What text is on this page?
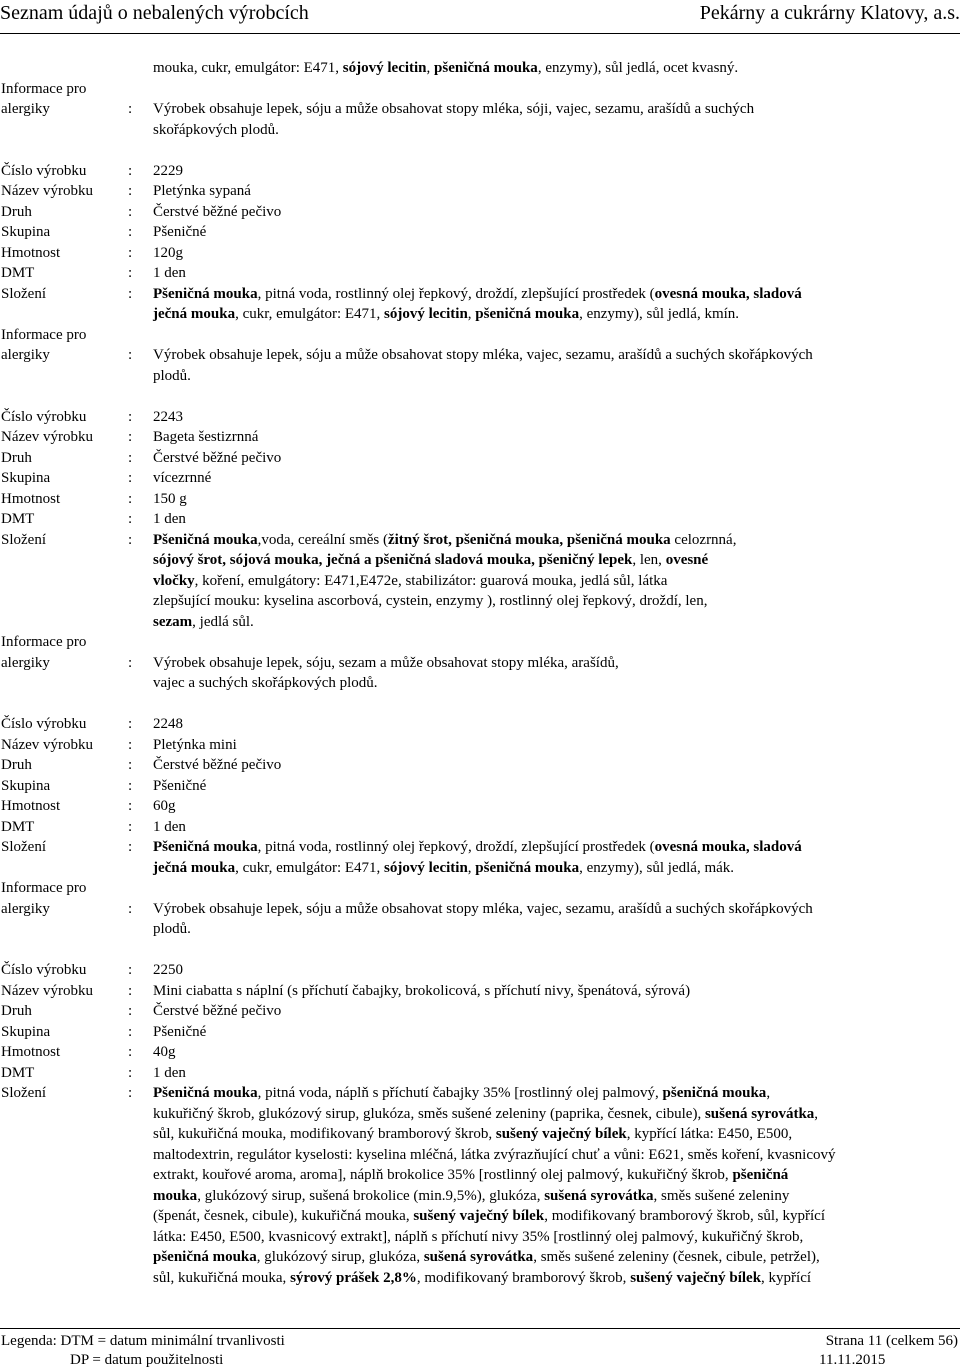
Seznam údajů o nebalených výrobcích	Pekárny a cukrárny Klatovy, a.s.
mouka, cukr, emulgátor: E471, sójový lecitin, pšeničná mouka, enzymy), sůl jedlá, ocet kvasný.
Informace pro
alergiky	: Výrobek obsahuje lepek, sóju a může obsahovat stopy mléka, sóji, vajec, sezamu, arašídů a suchých
skořápkových plodů.
Číslo výrobku	: 2229
Název výrobku : Pletýnka sypaná
Druh	: Čerstvé běžné pečivo
Skupina	: Pšeničné
Hmotnost	: 120g
DMT	: 1 den
Složení	: Pšeničná mouka, pitná voda, rostlinný olej řepkový, droždí, zlepšující prostředek (ovesná mouka, sladová
ječná mouka, cukr, emulgátor: E471, sójový lecitin, pšeničná mouka, enzymy), sůl jedlá, kmín.
Informace pro
alergiky	: Výrobek obsahuje lepek, sóju a může obsahovat stopy mléka, vajec, sezamu, arašídů a suchých skořápkových
plodů.
Číslo výrobku	: 2243
Název výrobku : Bageta šestizrnná
Druh	: Čerstvé běžné pečivo
Skupina	: vícezrnné
Hmotnost	: 150 g
DMT	: 1 den
Složení	: Pšeničná mouka,voda, cereální směs (žitný šrot, pšeničná mouka, pšeničná mouka celozrnná,
sójový šrot, sójová mouka, ječná a pšeničná sladová mouka, pšeničný lepek, len, ovesné
vločky, koření, emulgátory: E471,E472e, stabilizátor: guarová mouka, jedlá sůl, látka
zlepšující mouku: kyselina ascorbová, cystein, enzymy ), rostlinný olej řepkový, droždí, len,
sezam, jedlá sůl.
Informace pro
alergiky	: Výrobek obsahuje lepek, sóju, sezam a může obsahovat stopy mléka, arašídů,
vajec a suchých skořápkových plodů.
Číslo výrobku	: 2248
Název výrobku : Pletýnka mini
Druh	: Čerstvé běžné pečivo
Skupina	: Pšeničné
Hmotnost	: 60g
DMT	: 1 den
Složení	: Pšeničná mouka, pitná voda, rostlinný olej řepkový, droždí, zlepšující prostředek (ovesná mouka, sladová
ječná mouka, cukr, emulgátor: E471, sójový lecitin, pšeničná mouka, enzymy), sůl jedlá, mák.
Informace pro
alergiky	: Výrobek obsahuje lepek, sóju a může obsahovat stopy mléka, vajec, sezamu, arašídů a suchých skořápkových
plodů.
Číslo výrobku	: 2250
Název výrobku : Mini ciabatta s náplní (s příchutí čabajky, brokolicová, s příchutí nivy, špenátová, sýrová)
Druh	: Čerstvé běžné pečivo
Skupina	: Pšeničné
Hmotnost	: 40g
DMT	: 1 den
Složení	: Pšeničná mouka, pitná voda, náplň s příchutí čabajky 35% [rostlinný olej palmový, pšeničná mouka,
kukuřičný škrob, glukózový sirup, glukóza, směs sušené zeleniny (paprika, česnek, cibule), sušená syrovátka,
sůl, kukuřičná mouka, modifikovaný bramborový škrob, sušený vaječný bílek, kypřící látka: E450, E500,
maltodextrin, regulátor kyselosti: kyselina mléčná, látka zvýrazňující chuť a vůni: E621, směs koření, kvasnicový
extrakt, kouřové aroma, aroma], náplň brokolice 35% [rostlinný olej palmový, kukuřičný škrob, pšeničná
mouka, glukózový sirup, sušená brokolice (min.9,5%), glukóza, sušená syrovátka, směs sušené zeleniny
(špenát, česnek, cibule), kukuřičná mouka, sušený vaječný bílek, modifikovaný bramborový škrob, sůl, kypřící
látka: E450, E500, kvasnicový extrakt], náplň s příchutí nivy 35% [rostlinný olej palmový, kukuřičný škrob,
pšeničná mouka, glukózový sirup, glukóza, sušená syrovátka, směs sušené zeleniny (česnek, cibule, petržel),
sůl, kukuřičná mouka, sýrový prášek 2,8%, modifikovaný bramborový škrob, sušený vaječný bílek, kypřící
Legenda: DTM = datum minimální trvanlivosti	Strana 11 (celkem 56)
DP = datum použitelnosti	11.11.2015
